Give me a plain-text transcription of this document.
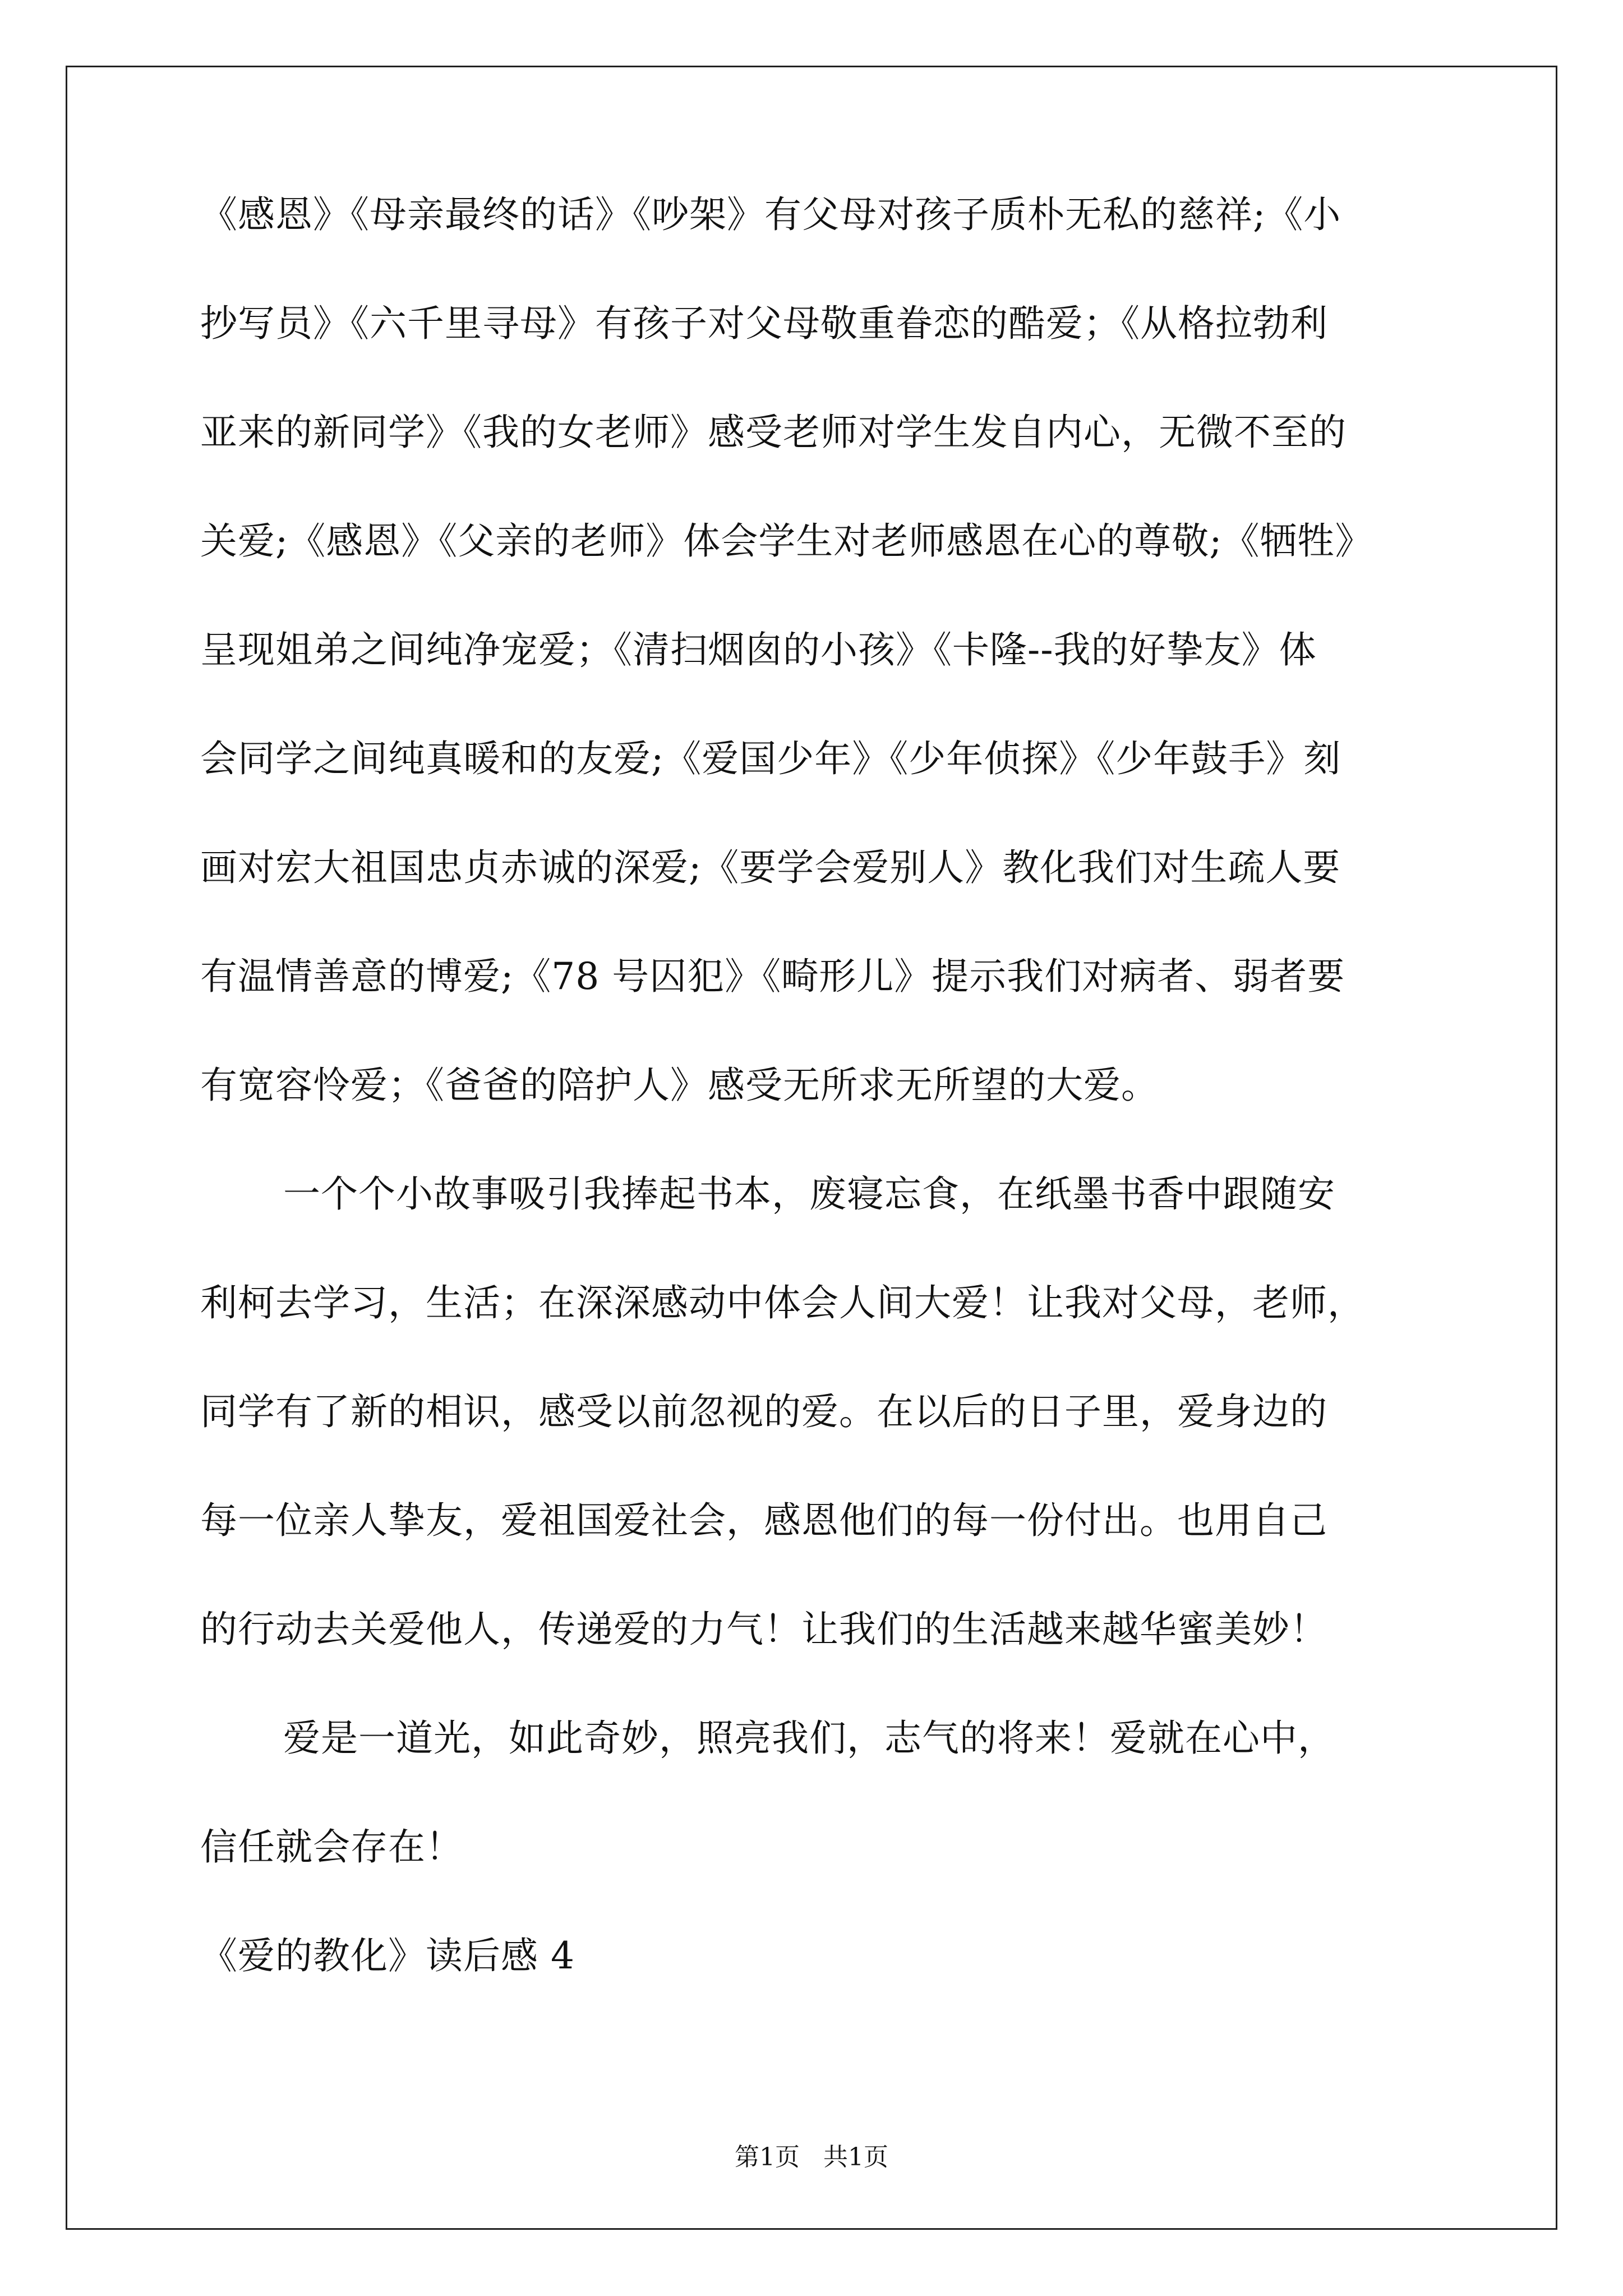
《感恩》《母亲最终的话》《吵架》有父母对孩子质朴无私的慈祥;《小
抄写员》《六千里寻母》有孩子对父母敬重眷恋的酷爱；《从格拉勃利
亚来的新同学》《我的女老师》感受老师对学生发自内心，无微不至的
关爱;《感恩》《父亲的老师》体会学生对老师感恩在心的尊敬;《牺牲》
呈现姐弟之间纯净宠爱；《清扫烟囱的小孩》《卡隆--我的好挚友》体
会同学之间纯真暖和的友爱;《爱国少年》《少年侦探》《少年鼓手》刻
画对宏大祖国忠贞赤诚的深爱;《要学会爱别人》教化我们对生疏人要
有温情善意的博爱;《78 号囚犯》《畸形儿》提示我们对病者、弱者要
有宽容怜爱；《爸爸的陪护人》感受无所求无所望的大爱。
一个个小故事吸引我捧起书本，废寝忘食，在纸墨书香中跟随安
利柯去学习，生活；在深深感动中体会人间大爱！让我对父母，老师，
同学有了新的相识，感受以前忽视的爱。在以后的日子里，爱身边的
每一位亲人挚友，爱祖国爱社会，感恩他们的每一份付出。也用自己
的行动去关爱他人，传递爱的力气！让我们的生活越来越华蜜美妙！
爱是一道光，如此奇妙，照亮我们，志气的将来！爱就在心中，
信任就会存在！
《爱的教化》读后感 4
第1页   共1页
